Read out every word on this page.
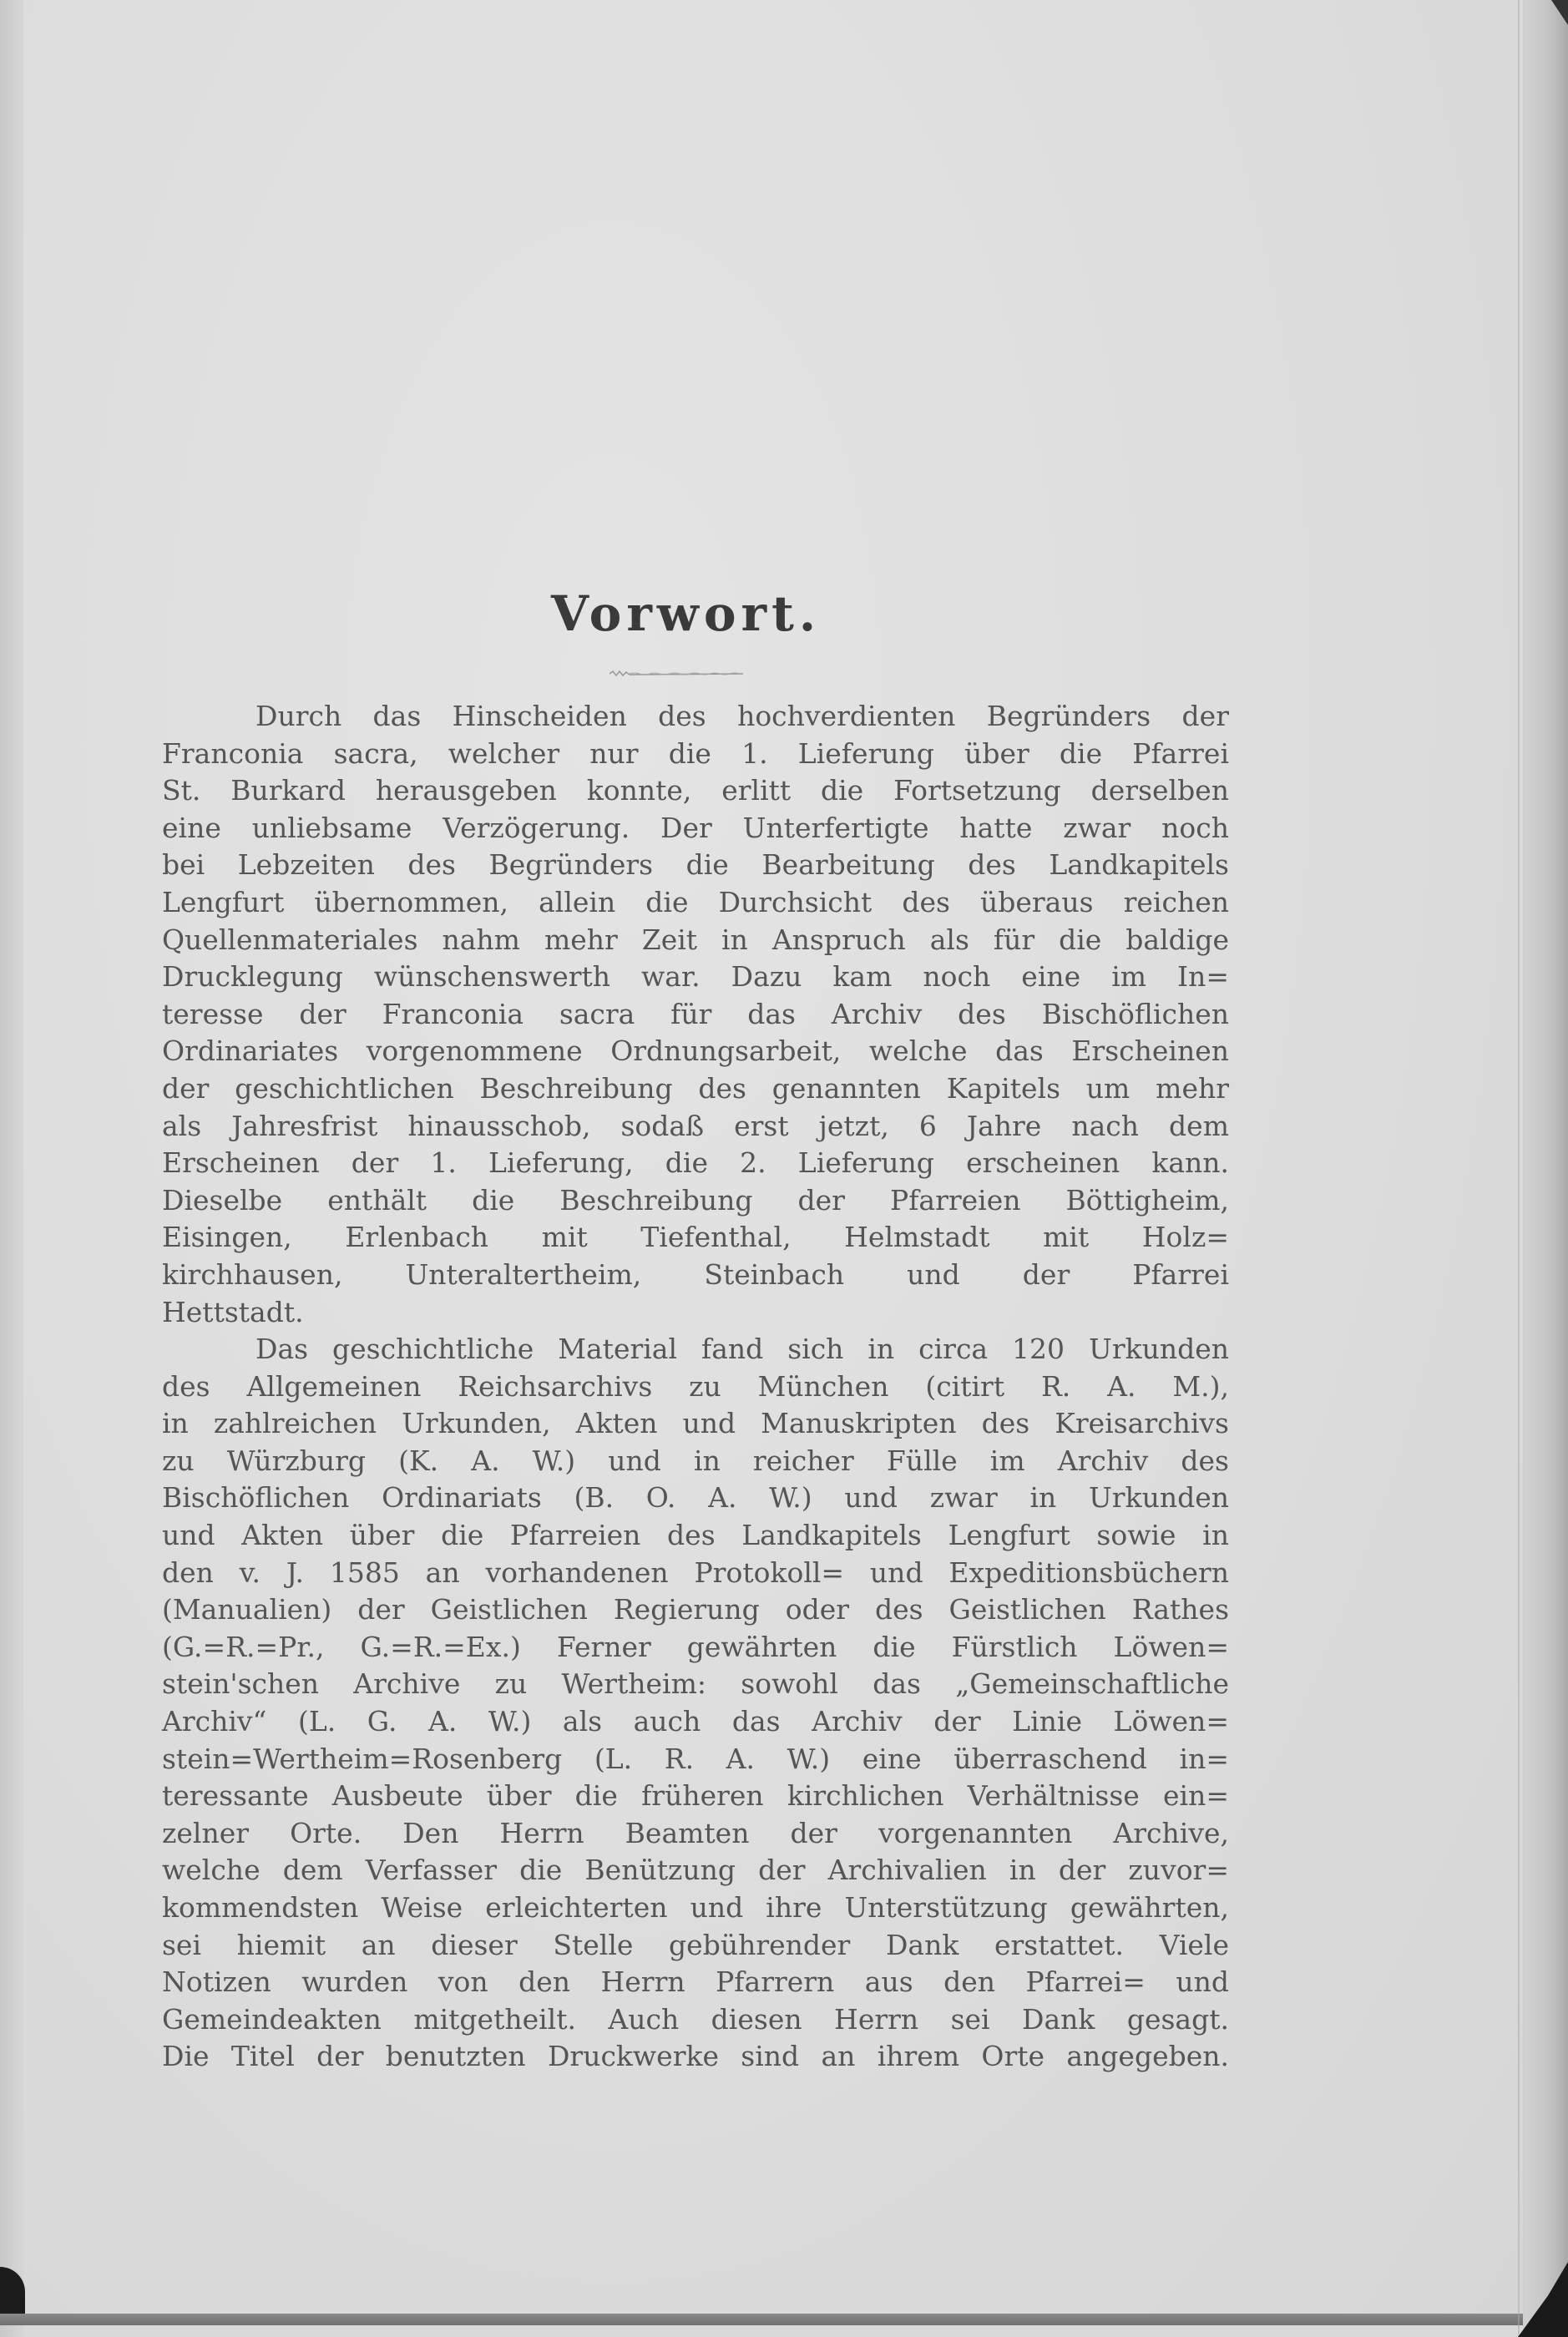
Vorwort.
Durch das Hinscheiden des hochverdienten Begründers der
Franconia sacra, welcher nur die 1. Lieferung über die Pfarrei
St. Burkard herausgeben konnte, erlitt die Fortsetzung derselben
eine unliebsame Verzögerung. Der Unterfertigte hatte zwar noch
bei Lebzeiten des Begründers die Bearbeitung des Landkapitels
Lengfurt übernommen, allein die Durchsicht des überaus reichen
Quellenmateriales nahm mehr Zeit in Anspruch als für die baldige
Drucklegung wünschenswerth war. Dazu kam noch eine im In=
teresse der Franconia sacra für das Archiv des Bischöflichen
Ordinariates vorgenommene Ordnungsarbeit, welche das Erscheinen
der geschichtlichen Beschreibung des genannten Kapitels um mehr
als Jahresfrist hinausschob, sodaß erst jetzt, 6 Jahre nach dem
Erscheinen der 1. Lieferung, die 2. Lieferung erscheinen kann.
Dieselbe enthält die Beschreibung der Pfarreien Böttigheim,
Eisingen, Erlenbach mit Tiefenthal, Helmstadt mit Holz=
kirchhausen, Unteraltertheim, Steinbach und der Pfarrei
Hettstadt.
Das geschichtliche Material fand sich in circa 120 Urkunden
des Allgemeinen Reichsarchivs zu München (citirt R. A. M.),
in zahlreichen Urkunden, Akten und Manuskripten des Kreisarchivs
zu Würzburg (K. A. W.) und in reicher Fülle im Archiv des
Bischöflichen Ordinariats (B. O. A. W.) und zwar in Urkunden
und Akten über die Pfarreien des Landkapitels Lengfurt sowie in
den v. J. 1585 an vorhandenen Protokoll= und Expeditionsbüchern
(Manualien) der Geistlichen Regierung oder des Geistlichen Rathes
(G.=R.=Pr., G.=R.=Ex.) Ferner gewährten die Fürstlich Löwen=
stein'schen Archive zu Wertheim: sowohl das „Gemeinschaftliche
Archiv“ (L. G. A. W.) als auch das Archiv der Linie Löwen=
stein=Wertheim=Rosenberg (L. R. A. W.) eine überraschend in=
teressante Ausbeute über die früheren kirchlichen Verhältnisse ein=
zelner Orte. Den Herrn Beamten der vorgenannten Archive,
welche dem Verfasser die Benützung der Archivalien in der zuvor=
kommendsten Weise erleichterten und ihre Unterstützung gewährten,
sei hiemit an dieser Stelle gebührender Dank erstattet. Viele
Notizen wurden von den Herrn Pfarrern aus den Pfarrei= und
Gemeindeakten mitgetheilt. Auch diesen Herrn sei Dank gesagt.
Die Titel der benutzten Druckwerke sind an ihrem Orte angegeben.
